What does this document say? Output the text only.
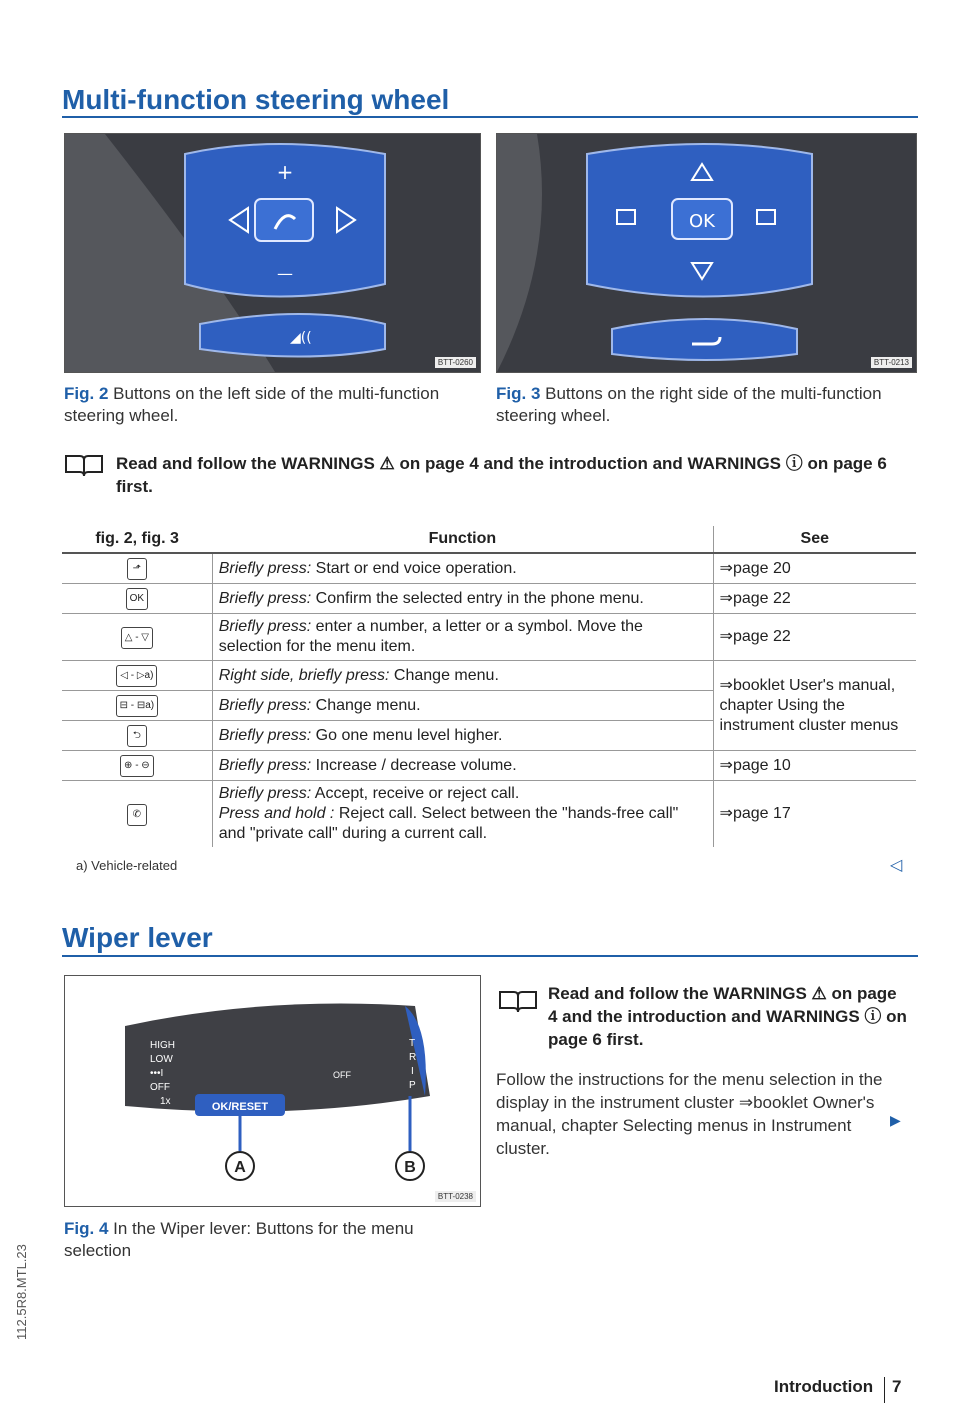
Multi-function steering wheel
+
—
◢((
BTT-0260
Fig. 2 Buttons on the left side of the multi-function steering wheel.
OK
BTT-0213
Fig. 3 Buttons on the right side of the multi-function steering wheel.
Read and follow the WARNINGS ⚠ on page 4 and the introduction and WARNINGS ⓘ on page 6 first.
fig. 2, fig. 3	Function	See
⬏	Briefly press: Start or end voice operation.	⇒page 20
OK	Briefly press: Confirm the selected entry in the phone menu.	⇒page 22
△ - ▽	Briefly press: enter a number, a letter or a symbol. Move the selection for the menu item.	⇒page 22
◁ - ▷a)	Right side, briefly press: Change menu.	⇒booklet User's manual, chapter Using the instrument cluster menus
⊟ - ⊟a)	Briefly press: Change menu.	
⮌	Briefly press: Go one menu level higher.	
⊕ - ⊖	Briefly press: Increase / decrease volume.	⇒page 10
✆	Briefly press: Accept, receive or reject call.
Press and hold : Reject call. Select between the "hands-free call" and "private call" during a current call.	⇒page 17
a) Vehicle-related	◁
Wiper lever
OK/RESET
HIGH
LOW
•••I
OFF
1x
OFF
T
R
I
P
A	B
BTT-0238
Fig. 4 In the Wiper lever: Buttons for the menu selection
Read and follow the WARNINGS ⚠ on page 4 and the introduction and WARNINGS ⓘ on page 6 first.
Follow the instructions for the menu selection in the display in the instrument cluster ⇒booklet Owner's manual, chapter Selecting menus in Instrument cluster.
▶
Introduction 7
112.5R8.MTL.23
